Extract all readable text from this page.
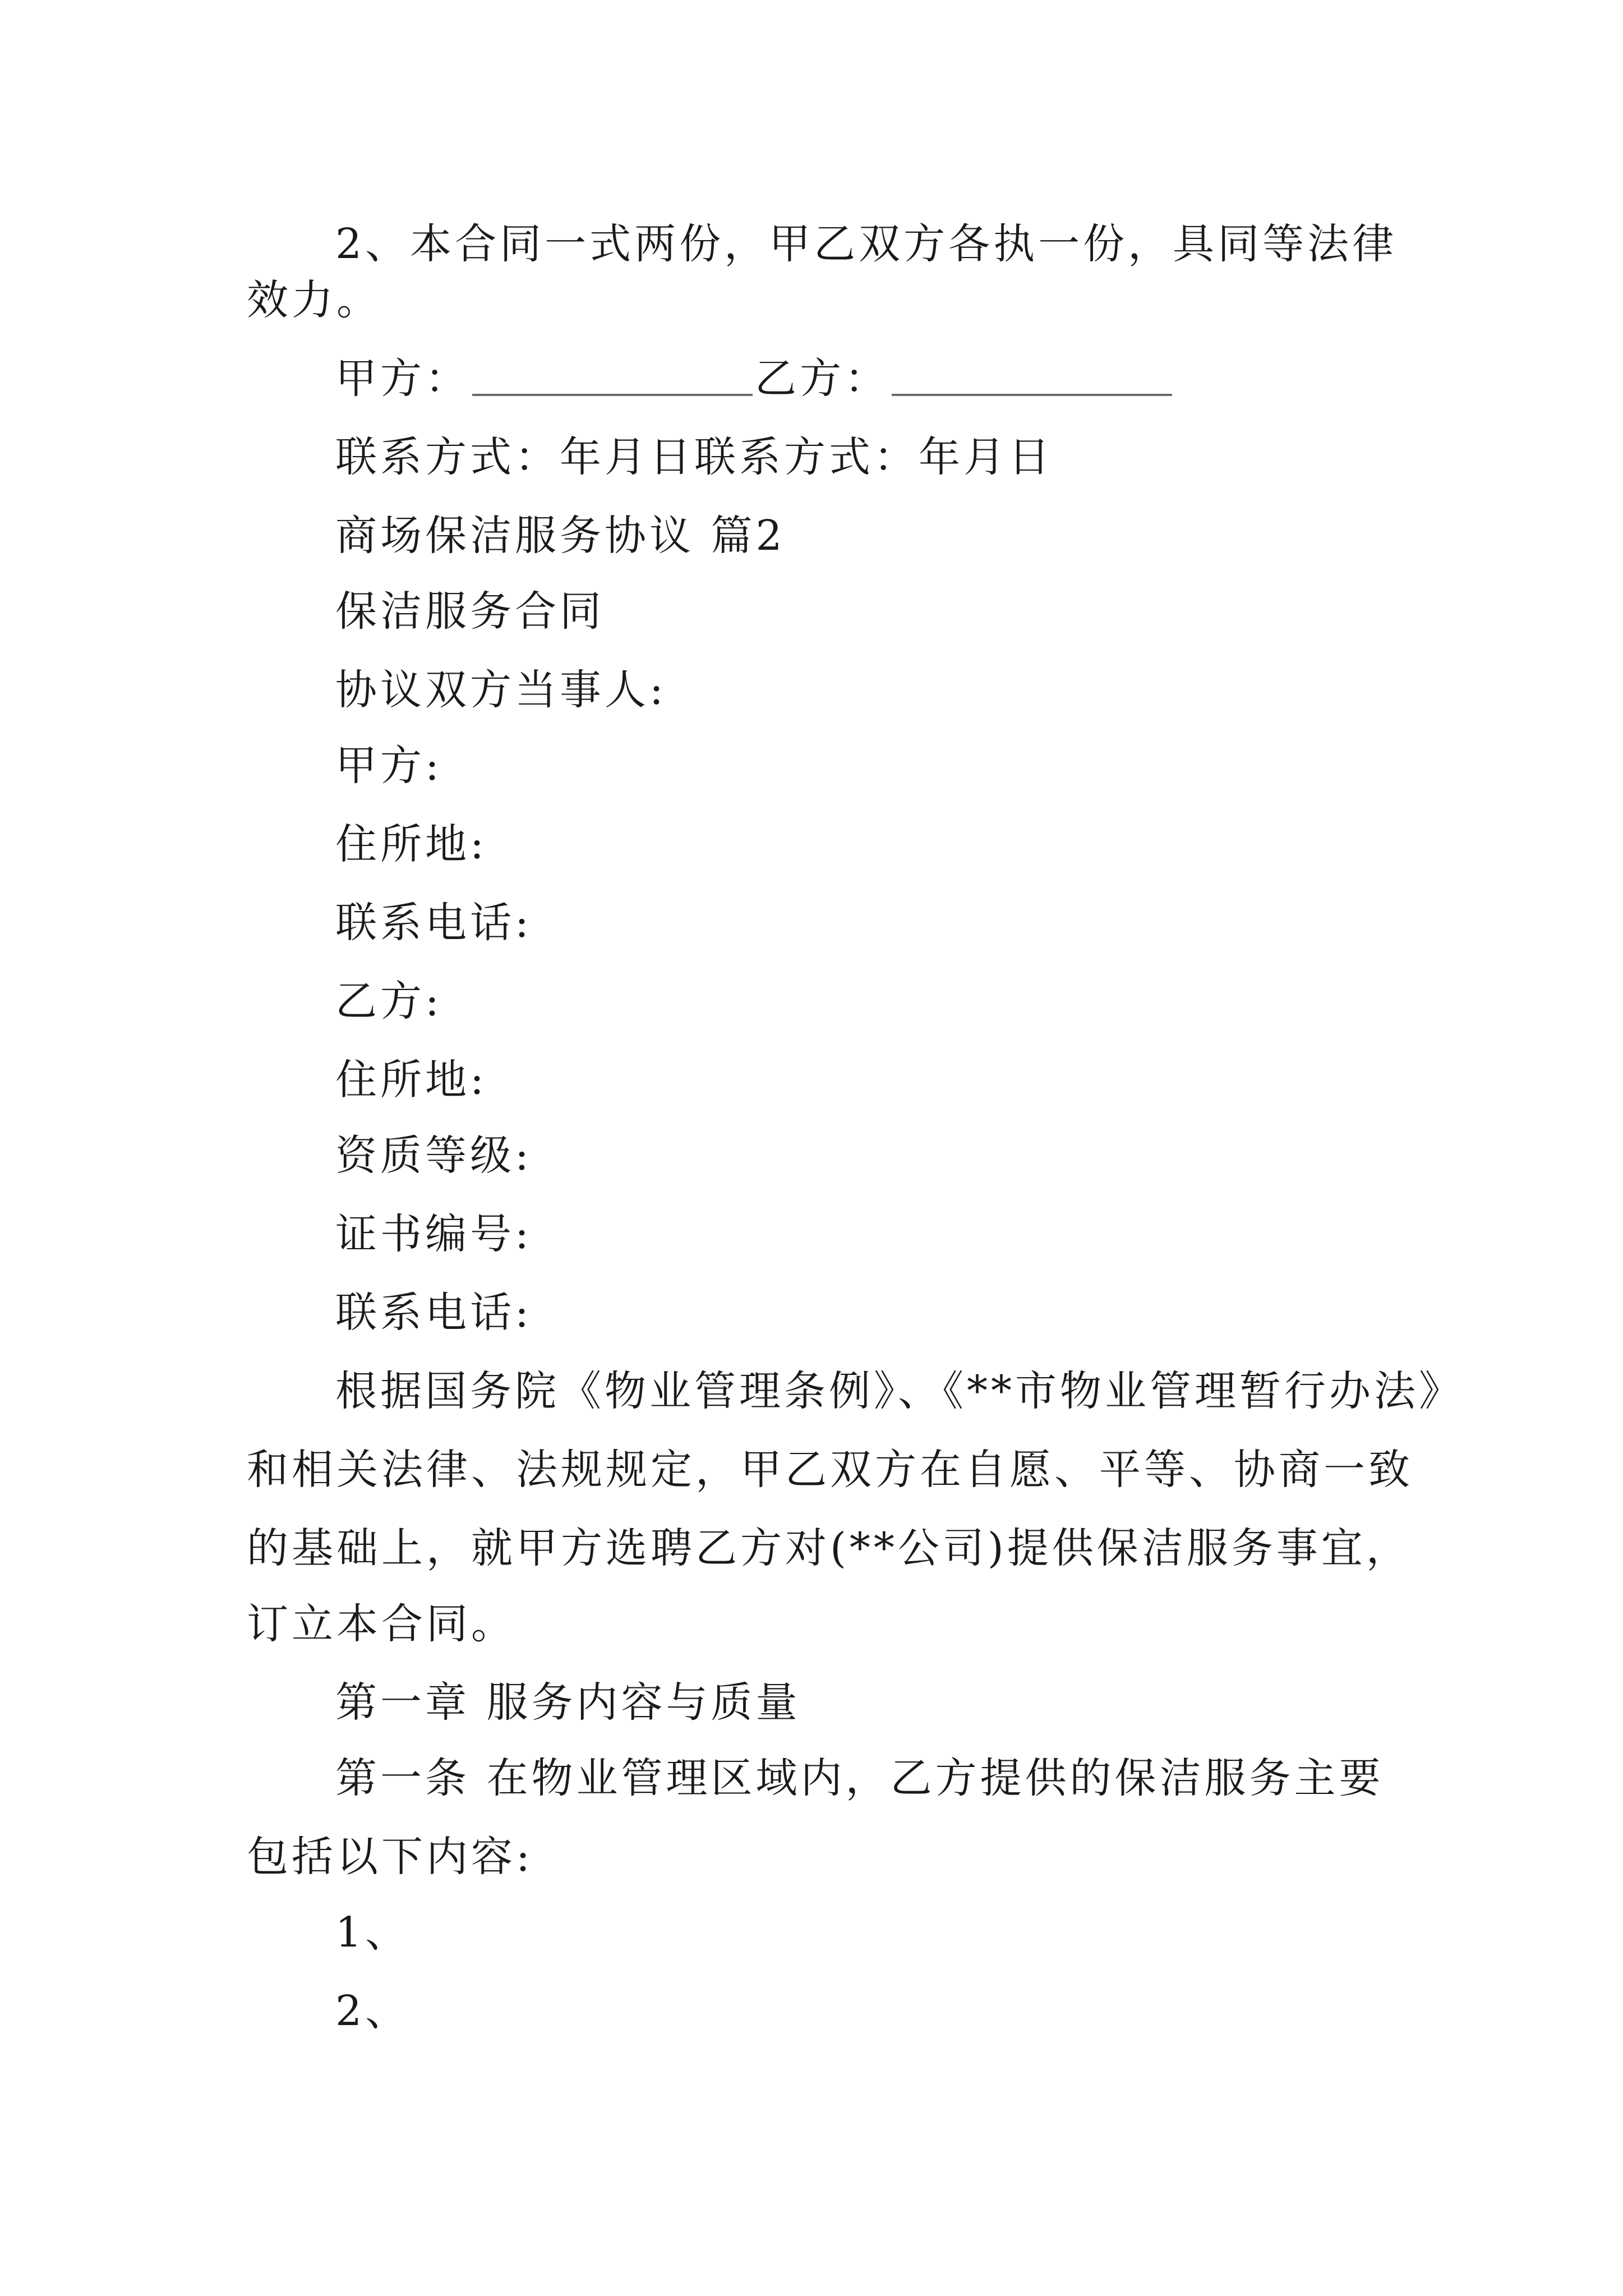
2、本合同一式两份，甲乙双方各执一份，具同等法律
效力。
甲方：	乙方：
联系方式：年月日联系方式：年月日
商场保洁服务协议 篇2
保洁服务合同
协议双方当事人:
甲方:
住所地:
联系电话:
乙方:
住所地:
资质等级:
证书编号:
联系电话:
根据国务院《物业管理条例》、《**市物业管理暂行办法》
和相关法律、法规规定，甲乙双方在自愿、平等、协商一致
的基础上，就甲方选聘乙方对(**公司)提供保洁服务事宜，
订立本合同。
第一章 服务内容与质量
第一条 在物业管理区域内，乙方提供的保洁服务主要
包括以下内容:
1、
2、
